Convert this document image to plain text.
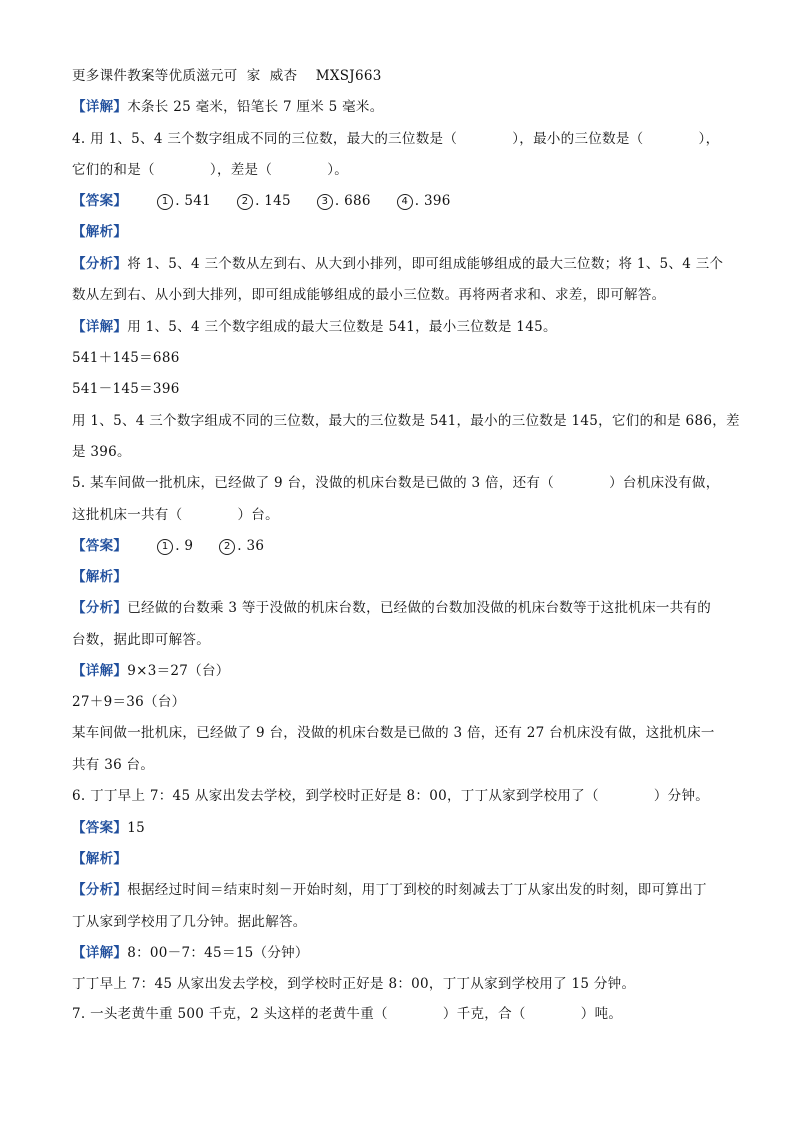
更多课件教案等优质滋元可  家  威杏    MXSJ663
【详解】木条长 25 毫米，铅笔长 7 厘米 5 毫米。
4. 用 1、5、4 三个数字组成不同的三位数，最大的三位数是（            ），最小的三位数是（            ），
它们的和是（            ），差是（            ）。
【答案】	1 . 541	2 . 145	3 . 686	4 . 396
【解析】
【分析】将 1、5、4 三个数从左到右、从大到小排列，即可组成能够组成的最大三位数；将 1、5、4 三个
数从左到右、从小到大排列，即可组成能够组成的最小三位数。再将两者求和、求差，即可解答。
【详解】用 1、5、4 三个数字组成的最大三位数是 541，最小三位数是 145。
541＋145＝686
541－145＝396
用 1、5、4 三个数字组成不同的三位数，最大的三位数是 541，最小的三位数是 145，它们的和是 686，差
是 396。
5. 某车间做一批机床，已经做了 9 台，没做的机床台数是已做的 3 倍，还有（            ）台机床没有做，
这批机床一共有（            ）台。
【答案】	1 . 9	2 . 36
【解析】
【分析】已经做的台数乘 3 等于没做的机床台数，已经做的台数加没做的机床台数等于这批机床一共有的
台数，据此即可解答。
【详解】9×3＝27（台）
27＋9＝36（台）
某车间做一批机床，已经做了 9 台，没做的机床台数是已做的 3 倍，还有 27 台机床没有做，这批机床一
共有 36 台。
6. 丁丁早上 7：45 从家出发去学校，到学校时正好是 8：00，丁丁从家到学校用了（            ）分钟。
【答案】15
【解析】
【分析】根据经过时间＝结束时刻－开始时刻，用丁丁到校的时刻减去丁丁从家出发的时刻，即可算出丁
丁从家到学校用了几分钟。据此解答。
【详解】8：00－7：45＝15（分钟）
丁丁早上 7：45 从家出发去学校，到学校时正好是 8：00，丁丁从家到学校用了 15 分钟。
7. 一头老黄牛重 500 千克，2 头这样的老黄牛重（            ）千克，合（            ）吨。
